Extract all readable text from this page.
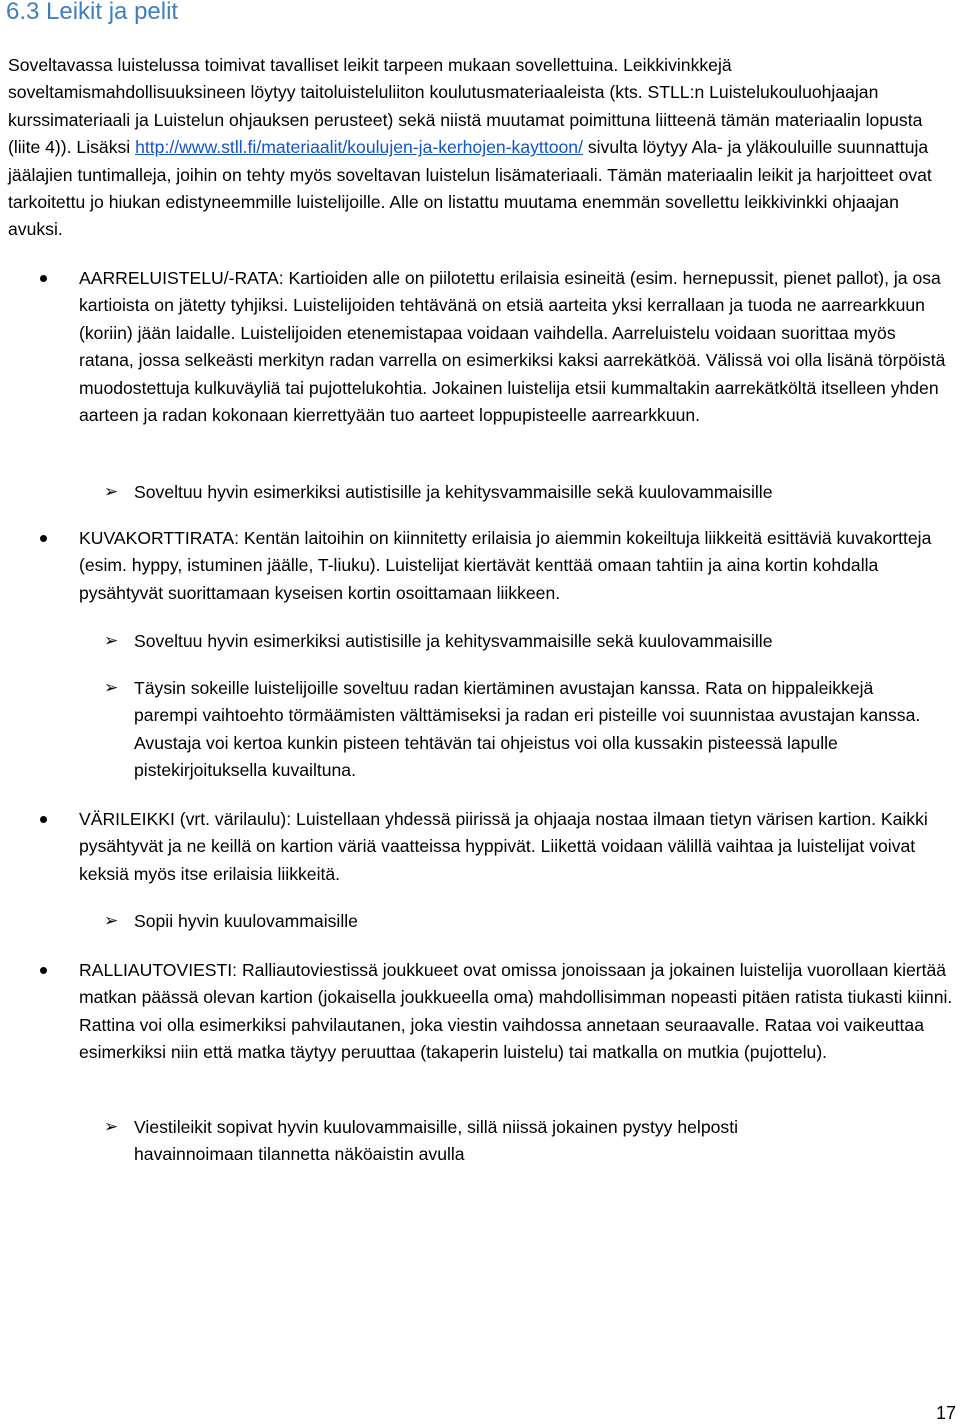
6.3 Leikit ja pelit

Soveltavassa luistelussa toimivat tavalliset leikit tarpeen mukaan sovellettuina. Leikkivinkkejä soveltamismahdollisuuksineen löytyy taitoluisteluliiton koulutusmateriaaleista (kts. STLL:n Luistelukouluohjaajan kurssimateriaali ja Luistelun ohjauksen perusteet) sekä niistä muutamat poimittuna liitteenä tämän materiaalin lopusta (liite 4)). Lisäksi http://www.stll.fi/materiaalit/koulujen-ja-kerhojen-kayttoon/ sivulta löytyy Ala- ja yläkouluille suunnattuja jäälajien tuntimalleja, joihin on tehty myös soveltavan luistelun lisämateriaali. Tämän materiaalin leikit ja harjoitteet ovat tarkoitettu jo hiukan edistyneemmille luistelijoille. Alle on listattu muutama enemmän sovellettu leikkivinkki ohjaajan avuksi.

AARRELUISTELU/-RATA: Kartioiden alle on piilotettu erilaisia esineitä (esim. hernepussit, pienet pallot), ja osa kartioista on jätetty tyhjiksi. Luistelijoiden tehtävänä on etsiä aarteita yksi kerrallaan ja tuoda ne aarrearkkuun (koriin) jään laidalle. Luistelijoiden etenemistapaa voidaan vaihdella. Aarreluistelu voidaan suorittaa myös ratana, jossa selkeästi merkityn radan varrella on esimerkiksi kaksi aarrekätköä. Välissä voi olla lisänä törpöistä muodostettuja kulkuväyliä tai pujottelukohtia. Jokainen luistelija etsii kummaltakin aarrekätköltä itselleen yhden aarteen ja radan kokonaan kierrettyään tuo aarteet loppupisteelle aarrearkkuun.

➢ Soveltuu hyvin esimerkiksi autistisille ja kehitysvammaisille sekä kuulovammaisille

KUVAKORTTIRATA: Kentän laitoihin on kiinnitetty erilaisia jo aiemmin kokeiltuja liikkeitä esittäviä kuvakortteja (esim. hyppy, istuminen jäälle, T-liuku). Luistelijat kiertävät kenttää omaan tahtiin ja aina kortin kohdalla pysähtyvät suorittamaan kyseisen kortin osoittamaan liikkeen.

➢ Soveltuu hyvin esimerkiksi autistisille ja kehitysvammaisille sekä kuulovammaisille

➢ Täysin sokeille luistelijoille soveltuu radan kiertäminen avustajan kanssa. Rata on hippaleikkejä parempi vaihtoehto törmäämisten välttämiseksi ja radan eri pisteille voi suunnistaa avustajan kanssa. Avustaja voi kertoa kunkin pisteen tehtävän tai ohjeistus voi olla kussakin pisteessä lapulle pistekirjoituksella kuvailtuna.

VÄRILEIKKI (vrt. värilaulu): Luistellaan yhdessä piirissä ja ohjaaja nostaa ilmaan tietyn värisen kartion. Kaikki pysähtyvät ja ne keillä on kartion väriä vaatteissa hyppivät. Liikettä voidaan välillä vaihtaa ja luistelijat voivat keksiä myös itse erilaisia liikkeitä.

➢ Sopii hyvin kuulovammaisille

RALLIAUTOVIESTI: Ralliautoviestissä joukkueet ovat omissa jonoissaan ja jokainen luistelija vuorollaan kiertää matkan päässä olevan kartion (jokaisella joukkueella oma) mahdollisimman nopeasti pitäen ratista tiukasti kiinni. Rattina voi olla esimerkiksi pahvilautanen, joka viestin vaihdossa annetaan seuraavalle. Rataa voi vaikeuttaa esimerkiksi niin että matka täytyy peruuttaa (takaperin luistelu) tai matkalla on mutkia (pujottelu).

➢ Viestileikit sopivat hyvin kuulovammaisille, sillä niissä jokainen pystyy helposti havainnoimaan tilannetta näköaistin avulla

17
